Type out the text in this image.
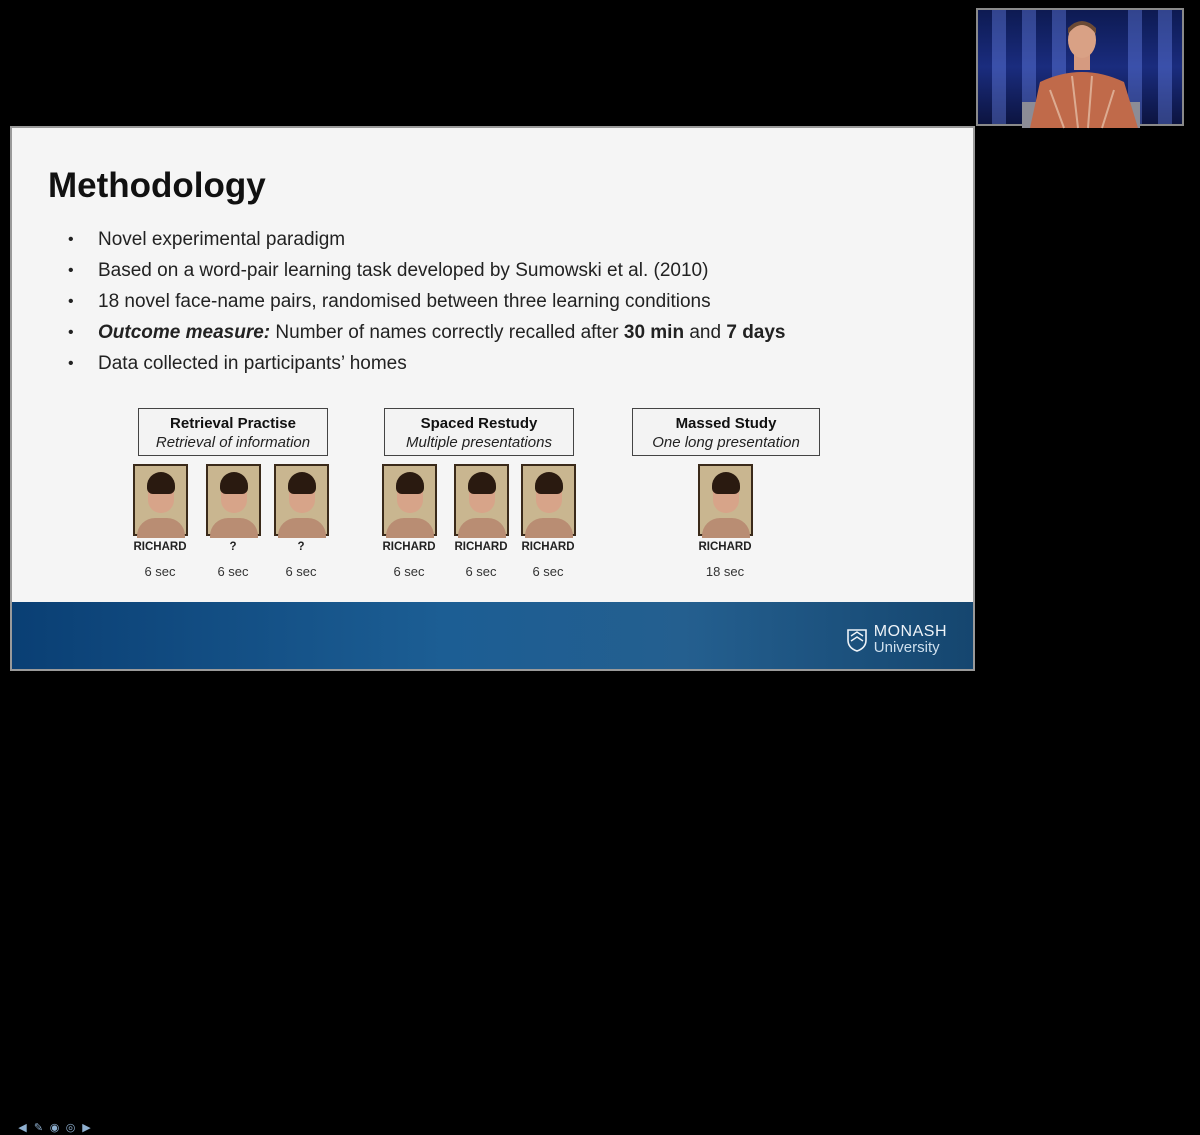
Methodology
• Novel experimental paradigm
• Based on a word-pair learning task developed by Sumowski et al. (2010)
• 18 novel face-name pairs, randomised between three learning conditions
• Outcome measure: Number of names correctly recalled after 30 min and 7 days
• Data collected in participants’ homes
Retrieval Practise
Retrieval of information
Spaced Restudy
Multiple presentations
Massed Study
One long presentation
RICHARD	?	?	RICHARD	RICHARD	RICHARD	RICHARD
6 sec	6 sec	6 sec	6 sec	6 sec	6 sec	18 sec
MONASH
University
◀ ✎ ◉ ◎ ▶
